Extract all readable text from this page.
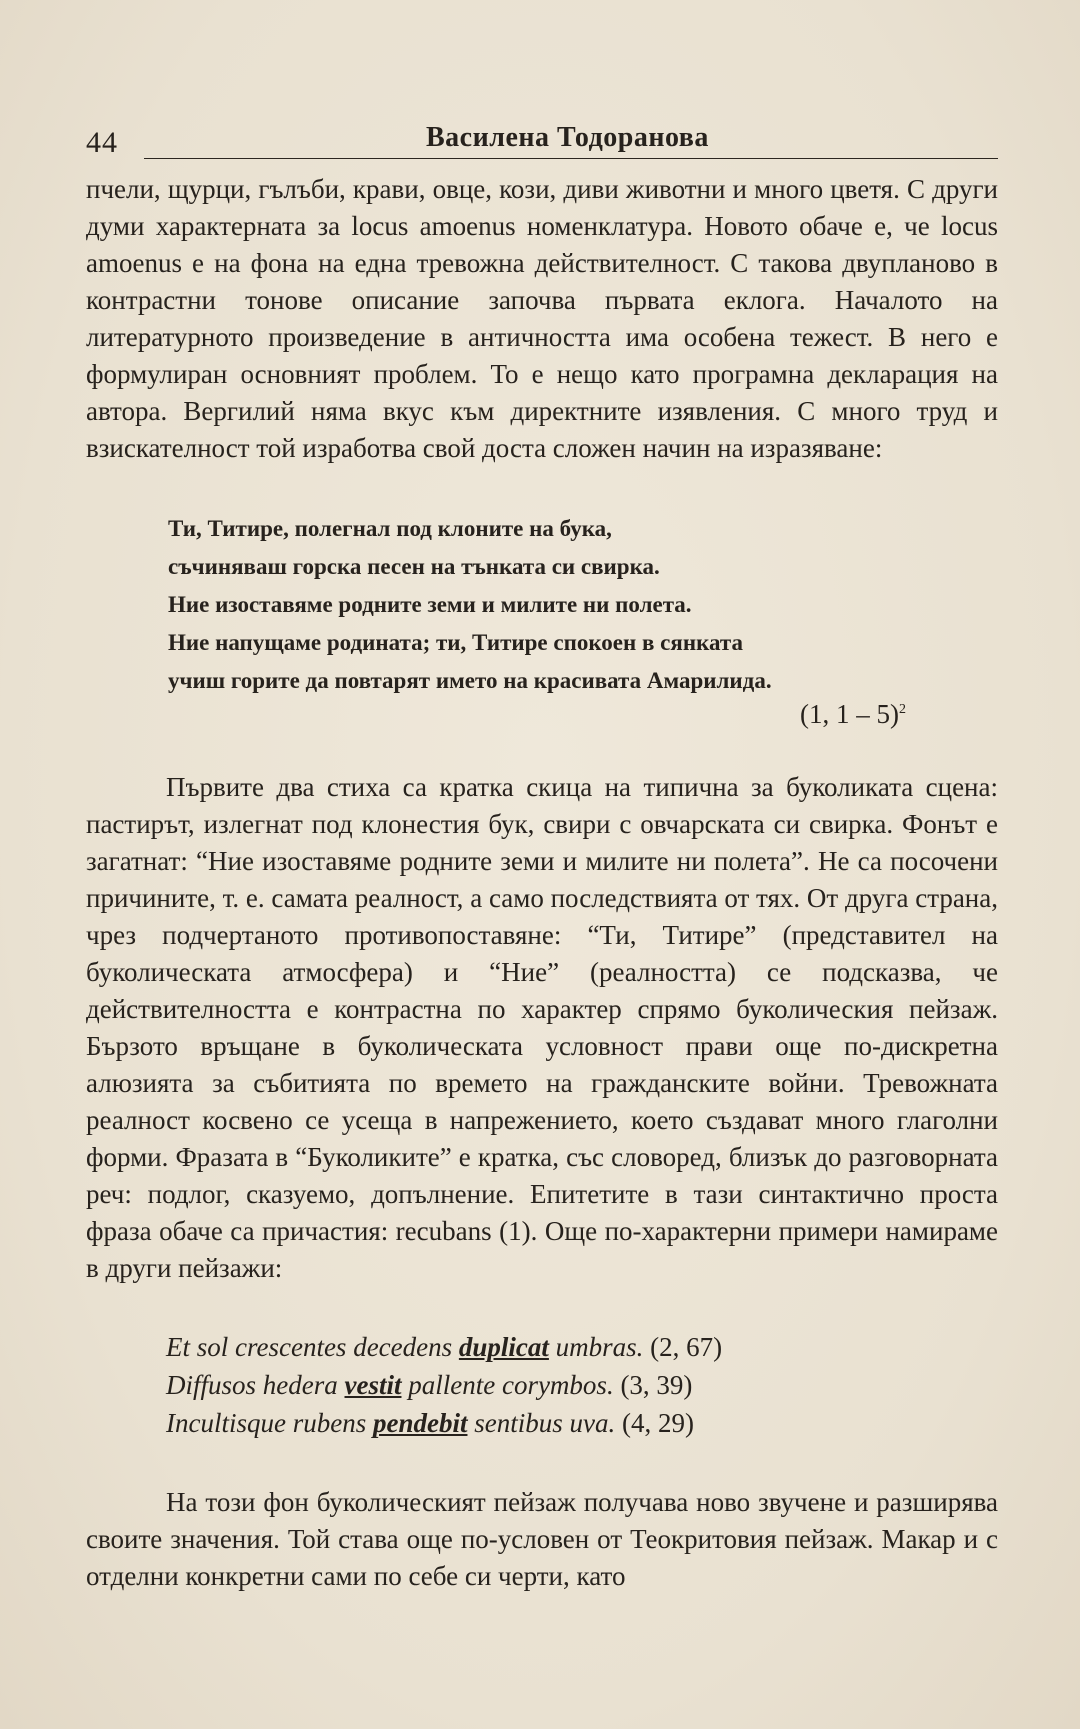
44	Василена Тодоранова
пчели, щурци, гълъби, крави, овце, кози, диви животни и много цветя. С други думи характерната за locus amoenus номенклатура. Новото обаче е, че locus amoenus е на фона на една тревожна действителност. С такова двупланово в контрастни тонове описание започва първата еклога. Началото на литературното произведение в античността има особена тежест. В него е формулиран основният проблем. То е нещо като програмна декларация на автора. Вергилий няма вкус към директните изявления. С много труд и взискателност той изработва свой доста сложен начин на изразяване:
Ти, Титире, полегнал под клоните на бука,
съчиняваш горска песен на тънката си свирка.
Ние изоставяме родните земи и милите ни полета.
Ние напущаме родината; ти, Титире спокоен в сянката
учиш горите да повтарят името на красивата Амарилида.
(1, 1 – 5)$^2$
Първите два стиха са кратка скица на типична за буколиката сцена: пастирът, излегнат под клонестия бук, свири с овчарската си свирка. Фонът е загатнат: “Ние изоставяме родните земи и милите ни полета”. Не са посочени причините, т. е. самата реалност, а само последствията от тях. От друга страна, чрез подчертаното противопоставяне: “Ти, Титире” (представител на буколическата атмосфера) и “Ние” (реалността) се подсказва, че действителността е контрастна по характер спрямо буколическия пейзаж. Бързото връщане в буколическата условност прави още по-дискретна алюзията за събитията по времето на гражданските войни. Тревожната реалност косвено се усеща в напрежението, което създават много глаголни форми. Фразата в “Буколиките” е кратка, със словоред, близък до разговорната реч: подлог, сказуемо, допълнение. Епитетите в тази синтактично проста фраза обаче са причастия: recubans (1). Още по-характерни примери намираме в други пейзажи:
Et sol crescentes decedens duplicat umbras. (2, 67)
Diffusos hedera vestit pallente corymbos. (3, 39)
Incultisque rubens pendebit sentibus uva. (4, 29)
На този фон буколическият пейзаж получава ново звучене и разширява своите значения. Той става още по-условен от Теокритовия пейзаж. Макар и с отделни конкретни сами по себе си черти, като
